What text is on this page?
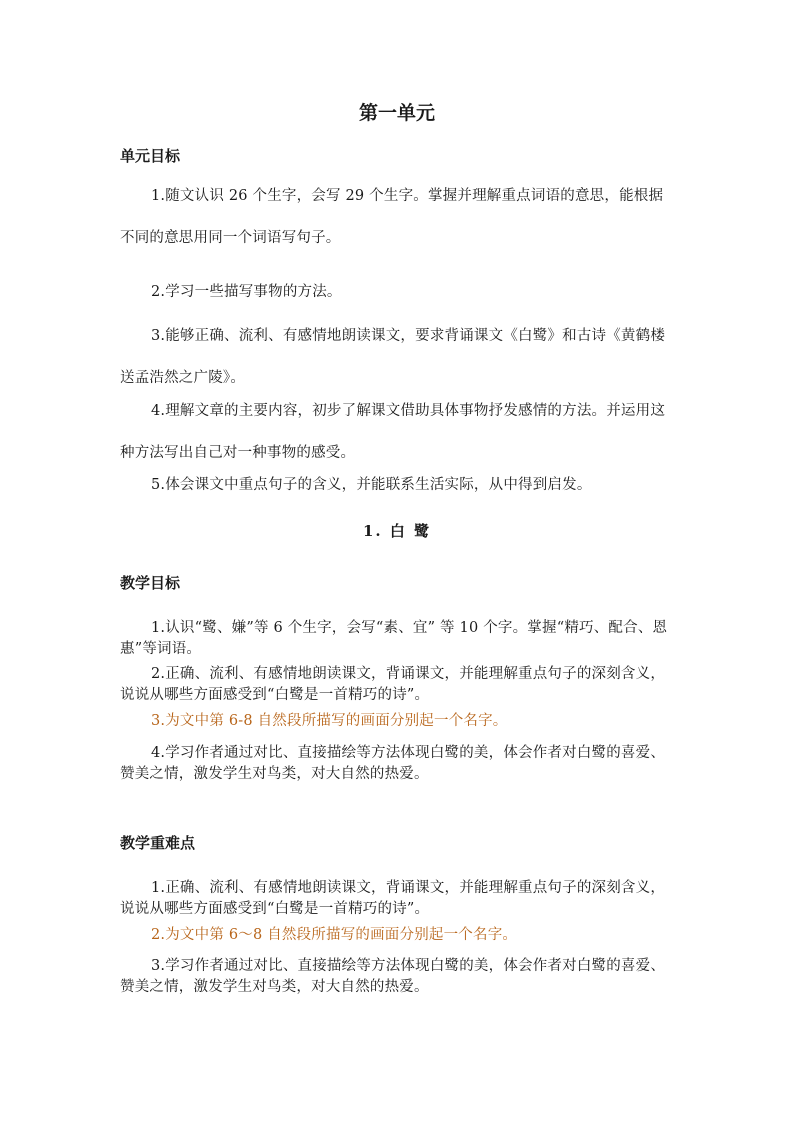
第一单元
单元目标
1.随文认识 26 个生字，会写 29 个生字。掌握并理解重点词语的意思，能根据不同的意思用同一个词语写句子。
2.学习一些描写事物的方法。
3.能够正确、流利、有感情地朗读课文，要求背诵课文《白鹭》和古诗《黄鹤楼送孟浩然之广陵》。
4.理解文章的主要内容，初步了解课文借助具体事物抒发感情的方法。并运用这种方法写出自己对一种事物的感受。
5.体会课文中重点句子的含义，并能联系生活实际，从中得到启发。
1. 白 鹭
教学目标
1.认识“鹭、嫌”等 6 个生字，会写“素、宜” 等 10 个字。掌握“精巧、配合、恩惠”等词语。
2.正确、流利、有感情地朗读课文，背诵课文，并能理解重点句子的深刻含义，说说从哪些方面感受到“白鹭是一首精巧的诗”。
3.为文中第 6-8 自然段所描写的画面分别起一个名字。
4.学习作者通过对比、直接描绘等方法体现白鹭的美，体会作者对白鹭的喜爱、赞美之情，激发学生对鸟类，对大自然的热爱。
教学重难点
1.正确、流利、有感情地朗读课文，背诵课文，并能理解重点句子的深刻含义，说说从哪些方面感受到“白鹭是一首精巧的诗”。
2.为文中第 6～8 自然段所描写的画面分别起一个名字。
3.学习作者通过对比、直接描绘等方法体现白鹭的美，体会作者对白鹭的喜爱、赞美之情，激发学生对鸟类，对大自然的热爱。
